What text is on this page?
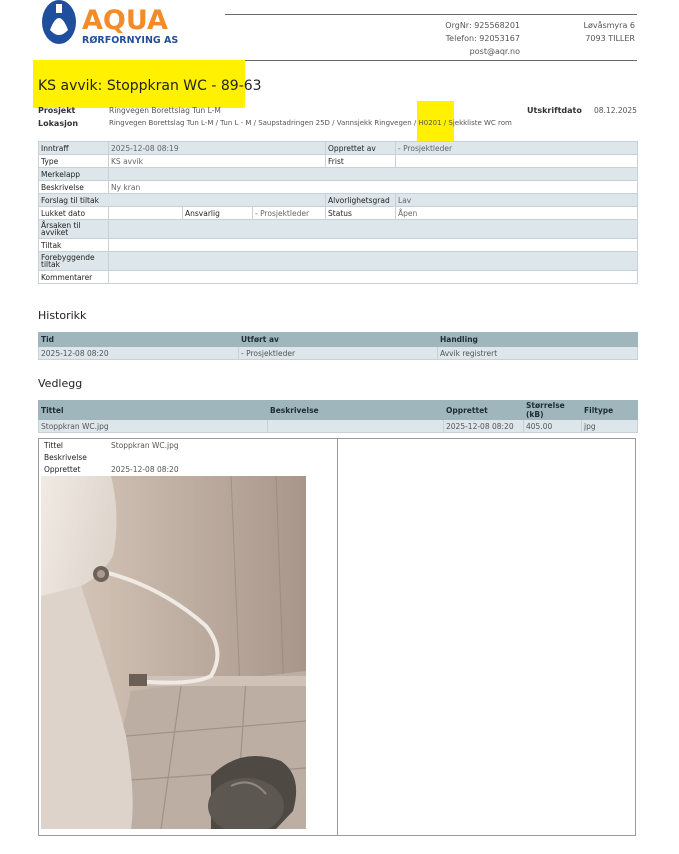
AQUA
RØRFORNYING AS
OrgNr: 925568201
Telefon: 92053167
post@aqr.no
Løvåsmyra 6
7093 TILLER
KS avvik: Stoppkran WC - 89-63
Prosjekt	Ringvegen Borettslag Tun L-M
Lokasjon	Ringvegen Borettslag Tun L-M / Tun L - M / Saupstadringen 25D / Vannsjekk Ringvegen / H0201 / Sjekkliste WC rom
Utskriftdato 08.12.2025
Inntraff	2025-12-08 08:19			Opprettet av	- Prosjektleder
Type	KS avvik			Frist	
Merkelapp					
Beskrivelse	Ny kran				
Forslag til tiltak				Alvorlighetsgrad	Lav
Lukket dato		Ansvarlig	- Prosjektleder	Status	Åpen
Årsaken til avviket					
Tiltak					
Forebyggende tiltak					
Kommentarer					
Historikk
Tid	Utført av	Handling
2025-12-08 08:20	- Prosjektleder	Avvik registrert
Vedlegg
Tittel	Beskrivelse	Opprettet	Størrelse (kB)	Filtype
Stoppkran WC.jpg		2025-12-08 08:20	405.00	jpg
Tittel	Stoppkran WC.jpg
Beskrivelse
Opprettet	2025-12-08 08:20
